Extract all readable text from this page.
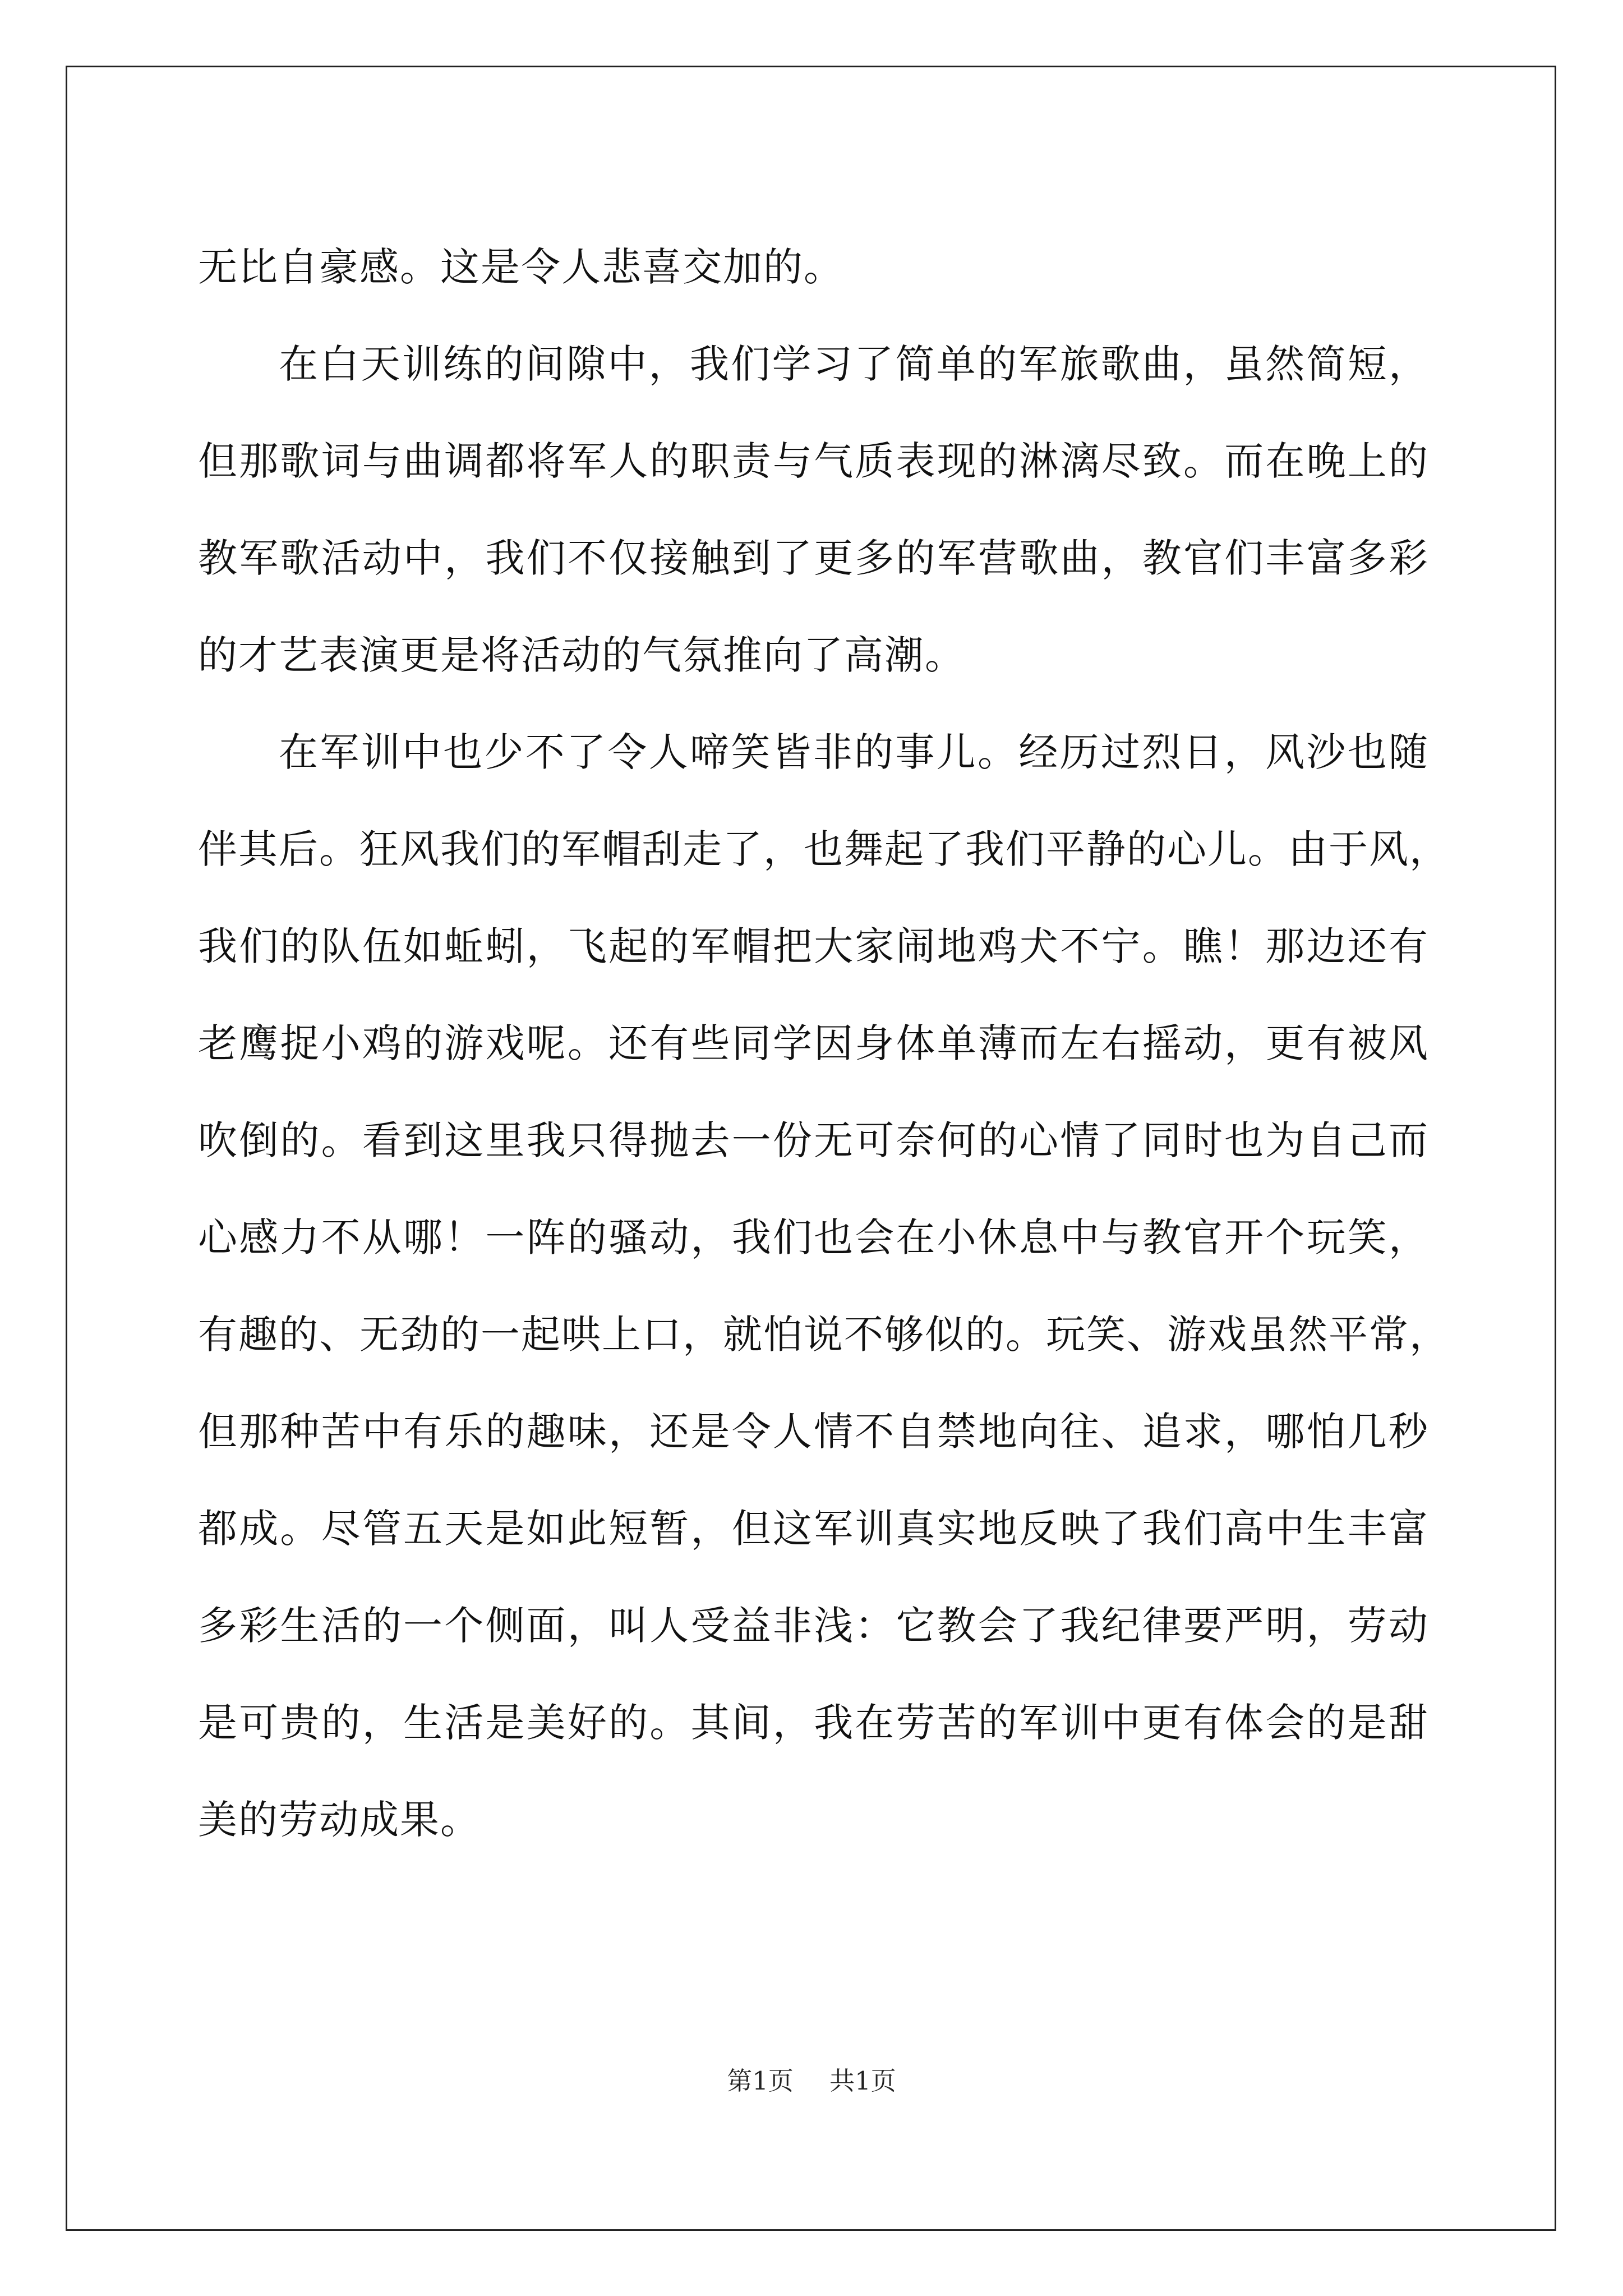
无比自豪感。这是令人悲喜交加的。
在白天训练的间隙中，我们学习了简单的军旅歌曲，虽然简短，
但那歌词与曲调都将军人的职责与气质表现的淋漓尽致。而在晚上的
教军歌活动中，我们不仅接触到了更多的军营歌曲，教官们丰富多彩
的才艺表演更是将活动的气氛推向了高潮。
在军训中也少不了令人啼笑皆非的事儿。经历过烈日，风沙也随
伴其后。狂风我们的军帽刮走了，也舞起了我们平静的心儿。由于风，
我们的队伍如蚯蚓，飞起的军帽把大家闹地鸡犬不宁。瞧！那边还有
老鹰捉小鸡的游戏呢。还有些同学因身体单薄而左右摇动，更有被风
吹倒的。看到这里我只得抛去一份无可奈何的心情了同时也为自己而
心感力不从哪！一阵的骚动，我们也会在小休息中与教官开个玩笑，
有趣的、无劲的一起哄上口，就怕说不够似的。玩笑、游戏虽然平常，
但那种苦中有乐的趣味，还是令人情不自禁地向往、追求，哪怕几秒
都成。尽管五天是如此短暂，但这军训真实地反映了我们高中生丰富
多彩生活的一个侧面，叫人受益非浅：它教会了我纪律要严明，劳动
是可贵的，生活是美好的。其间，我在劳苦的军训中更有体会的是甜
美的劳动成果。
第1页 共1页
